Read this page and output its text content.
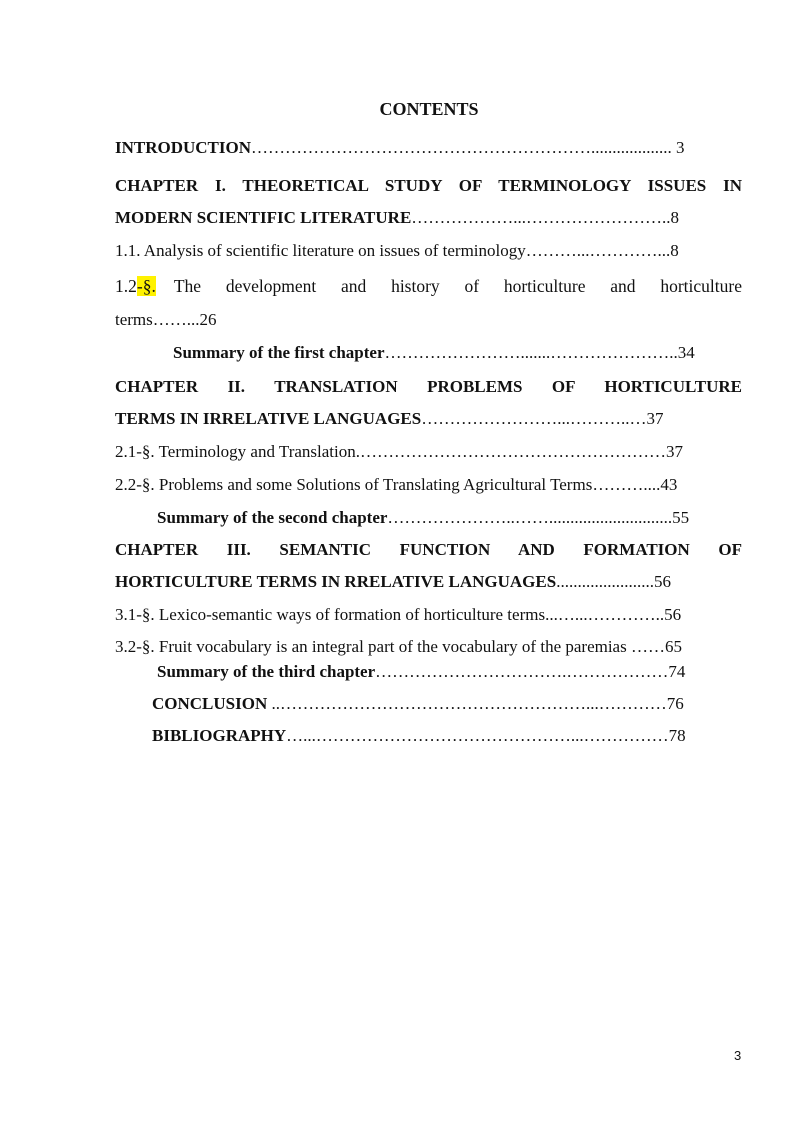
CONTENTS
INTRODUCTION……………………………………………………................... 3
CHAPTER I. THEORETICAL STUDY OF TERMINOLOGY ISSUES IN
MODERN SCIENTIFIC LITERATURE………………...……………………..8
1.1. Analysis of scientific literature on issues of terminology………...…………...8
1.2-§. The development and history of horticulture and horticulture
terms……...26
Summary of the first chapter…………………….......…………………..34
CHAPTER II. TRANSLATION PROBLEMS OF HORTICULTURE
TERMS IN IRRELATIVE LANGUAGES……………………...………..…37
2.1-§. Terminology and Translation.………………………………………………37
2.2-§. Problems and some Solutions of Translating Agricultural Terms………....43
Summary of the second chapter…………………..…….............................55
CHAPTER III. SEMANTIC FUNCTION AND FORMATION OF
HORTICULTURE TERMS IN RRELATIVE LANGUAGES.......................56
3.1-§. Lexico-semantic ways of formation of horticulture terms...…...…………..56
3.2-§. Fruit vocabulary is an integral part of the vocabulary of the paremias ……65
Summary of the third chapter…………………………….………………74
CONCLUSION ..………………………………………………...…………76
BIBLIOGRAPHY…...………………………………………...……………78
3
